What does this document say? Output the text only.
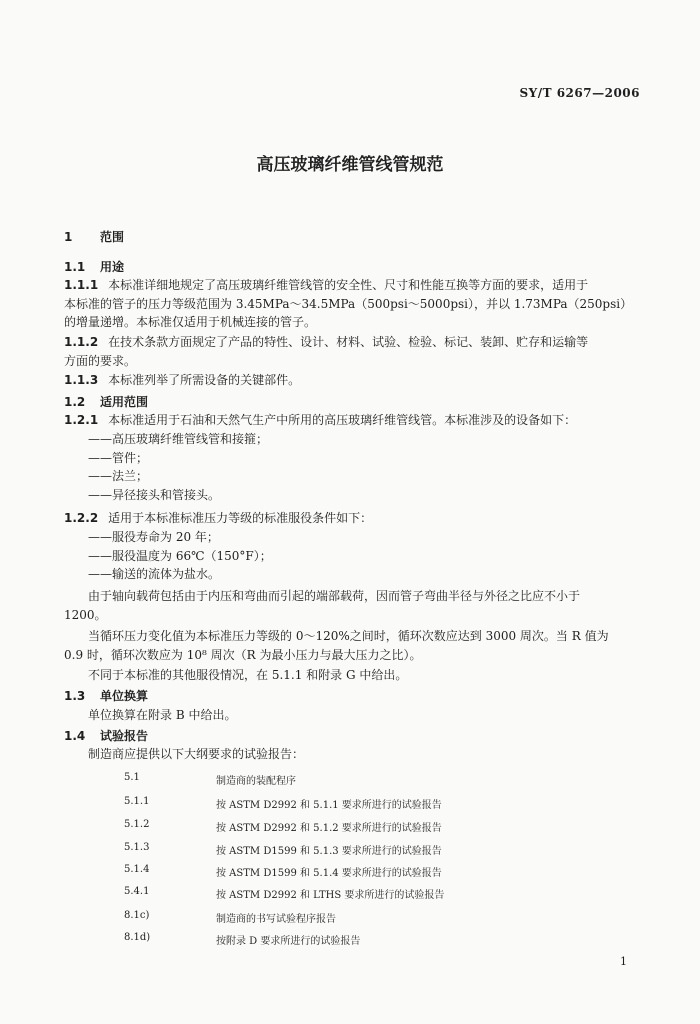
SY/T 6267—2006
高压玻璃纤维管线管规范
1 范围
1.1 用途
1.1.1 本标准详细地规定了高压玻璃纤维管线管的安全性、尺寸和性能互换等方面的要求，适用于
本标准的管子的压力等级范围为 3.45MPa～34.5MPa（500psi～5000psi），并以 1.73MPa（250psi）
的增量递增。本标准仅适用于机械连接的管子。
1.1.2 在技术条款方面规定了产品的特性、设计、材料、试验、检验、标记、装卸、贮存和运输等
方面的要求。
1.1.3 本标准列举了所需设备的关键部件。
1.2 适用范围
1.2.1 本标准适用于石油和天然气生产中所用的高压玻璃纤维管线管。本标准涉及的设备如下：
——高压玻璃纤维管线管和接箍；
——管件；
——法兰；
——异径接头和管接头。
1.2.2 适用于本标准标准压力等级的标准服役条件如下：
——服役寿命为 20 年；
——服役温度为 66℃（150°F）；
——输送的流体为盐水。
由于轴向载荷包括由于内压和弯曲而引起的端部载荷，因而管子弯曲半径与外径之比应不小于
1200。
当循环压力变化值为本标准压力等级的 0～120%之间时，循环次数应达到 3000 周次。当 R 值为
0.9 时，循环次数应为 10⁸ 周次（R 为最小压力与最大压力之比）。
不同于本标准的其他服役情况，在 5.1.1 和附录 G 中给出。
1.3 单位换算
单位换算在附录 B 中给出。
1.4 试验报告
制造商应提供以下大纲要求的试验报告：
5.1	制造商的装配程序
5.1.1	按 ASTM D2992 和 5.1.1 要求所进行的试验报告
5.1.2	按 ASTM D2992 和 5.1.2 要求所进行的试验报告
5.1.3	按 ASTM D1599 和 5.1.3 要求所进行的试验报告
5.1.4	按 ASTM D1599 和 5.1.4 要求所进行的试验报告
5.4.1	按 ASTM D2992 和 LTHS 要求所进行的试验报告
8.1c)	制造商的书写试验程序报告
8.1d)	按附录 D 要求所进行的试验报告
1
